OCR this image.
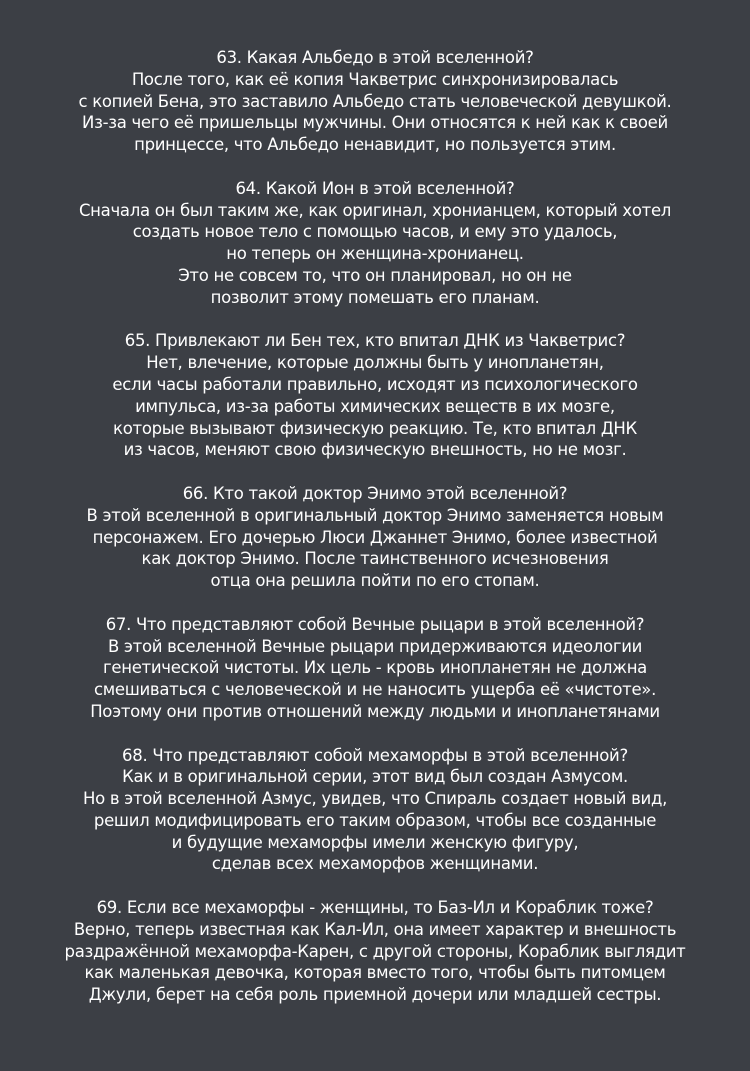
63. Какая Альбедо в этой вселенной?
После того, как её копия Чакветрис синхронизировалась
с копией Бена, это заставило Альбедо стать человеческой девушкой.
Из-за чего её пришельцы мужчины. Они относятся к ней как к своей
принцессе, что Альбедо ненавидит, но пользуется этим.
64. Какой Ион в этой вселенной?
Сначала он был таким же, как оригинал, хронианцем, который хотел
создать новое тело с помощью часов, и ему это удалось,
но теперь он женщина-хронианец.
Это не совсем то, что он планировал, но он не
позволит этому помешать его планам.
65. Привлекают ли Бен тех, кто впитал ДНК из Чакветрис?
Нет, влечение, которые должны быть у инопланетян,
если часы работали правильно, исходят из психологического
импульса, из-за работы химических веществ в их мозге,
которые вызывают физическую реакцию. Те, кто впитал ДНК
из часов, меняют свою физическую внешность, но не мозг.
66. Кто такой доктор Энимо этой вселенной?
В этой вселенной в оригинальный доктор Энимо заменяется новым
персонажем. Его дочерью Люси Джаннет Энимо, более известной
как доктор Энимо. После таинственного исчезновения
отца она решила пойти по его стопам.
67. Что представляют собой Вечные рыцари в этой вселенной?
В этой вселенной Вечные рыцари придерживаются идеологии
генетической чистоты. Их цель - кровь инопланетян не должна
смешиваться с человеческой и не наносить ущерба её «чистоте».
Поэтому они против отношений между людьми и инопланетянами
68. Что представляют собой мехаморфы в этой вселенной?
Как и в оригинальной серии, этот вид был создан Азмусом.
Но в этой вселенной Азмус, увидев, что Спираль создает новый вид,
решил модифицировать его таким образом, чтобы все созданные
и будущие мехаморфы имели женскую фигуру,
сделав всех мехаморфов женщинами.
69. Если все мехаморфы - женщины, то Баз-Ил и Кораблик тоже?
Верно, теперь известная как Кал-Ил, она имеет характер и внешность
раздражённой мехаморфа-Карен, с другой стороны, Кораблик выглядит
как маленькая девочка, которая вместо того, чтобы быть питомцем
Джули, берет на себя роль приемной дочери или младшей сестры.
